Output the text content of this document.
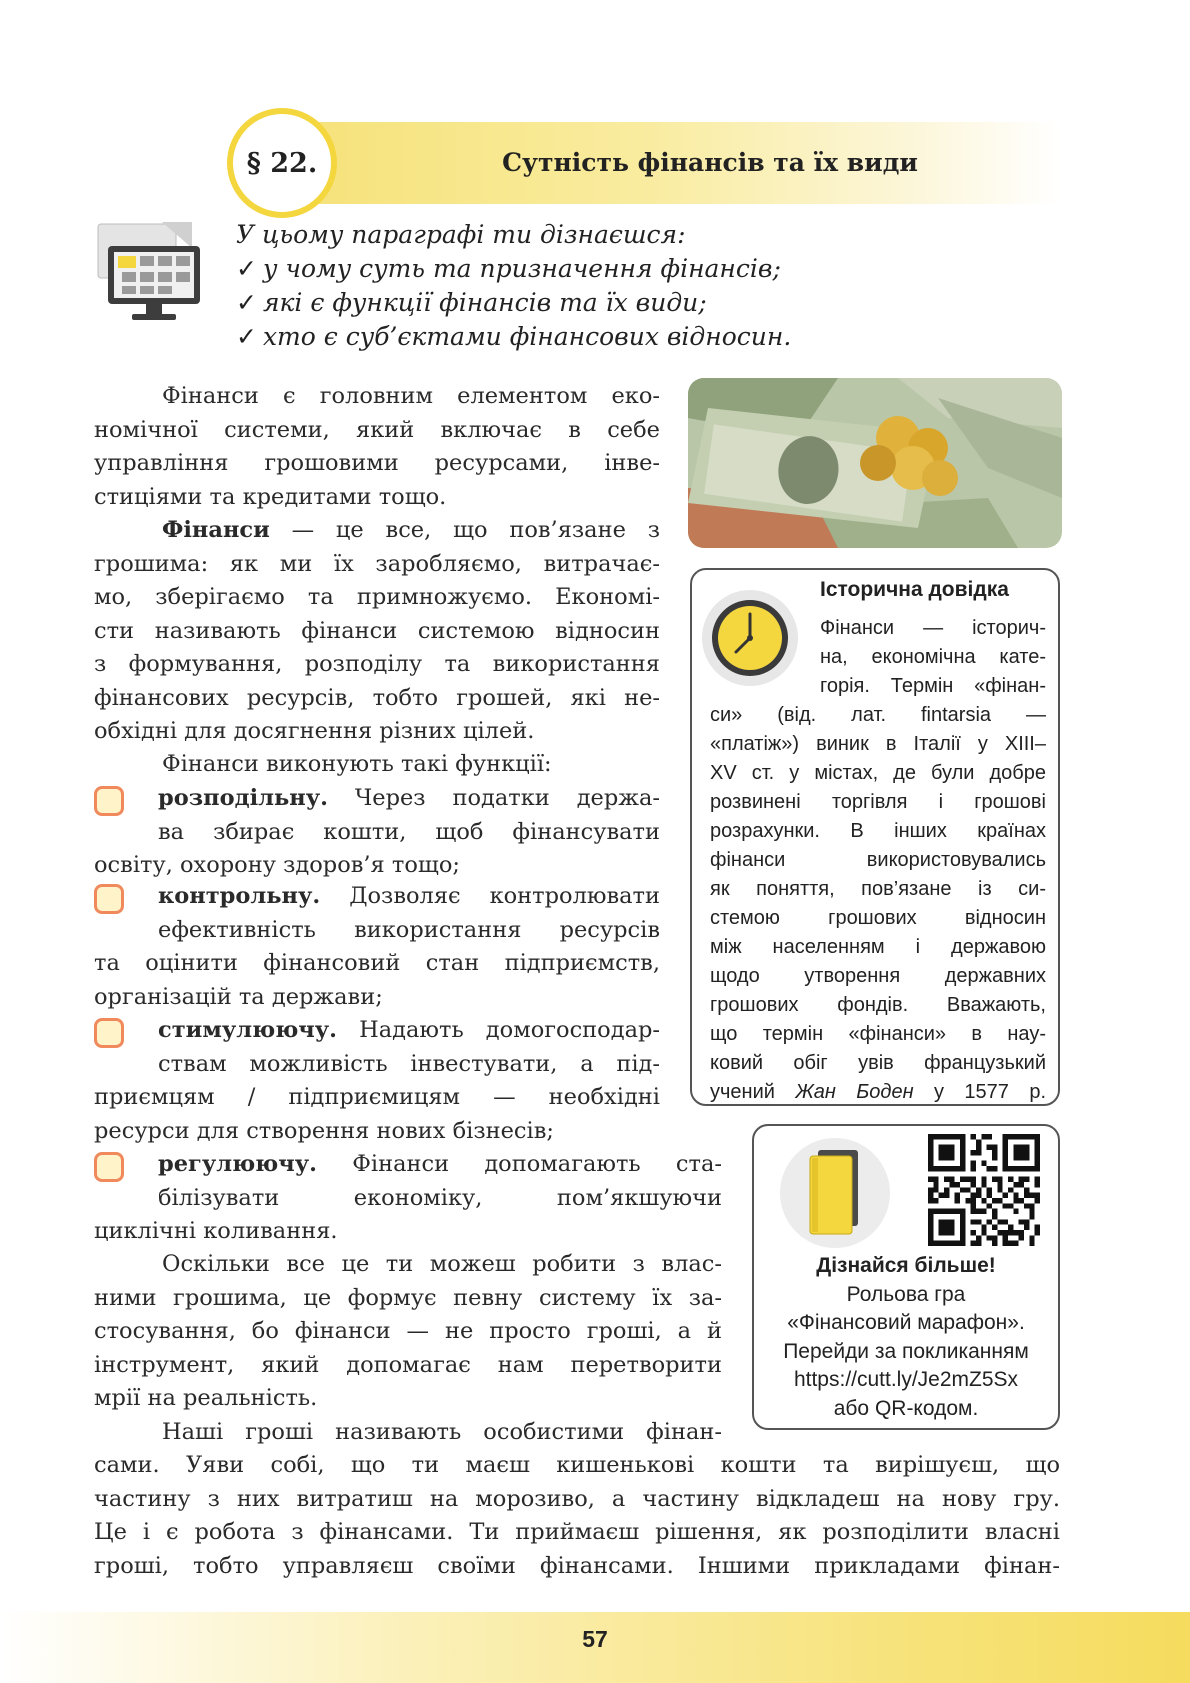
§ 22.	Сутність фінансів та їх види
У цьому параграфі ти дізнаєшся:
✓ у чому суть та призначення фінансів;
✓ які є функції фінансів та їх види;
✓ хто є суб’єктами фінансових відносин.
Фінанси є головним елементом еко-
номічної системи, який включає в себе
управління грошовими ресурсами, інве-
стиціями та кредитами тощо.
Фінанси — це все, що пов’язане з
грошима: як ми їх заробляємо, витрачає-
мо, зберігаємо та примножуємо. Економі-
сти називають фінанси системою відносин
з формування, розподілу та використання
фінансових ресурсів, тобто грошей, які не-
обхідні для досягнення різних цілей.
Фінанси виконують такі функції:
розподільну. Через податки держа-
ва збирає кошти, щоб фінансувати
освіту, охорону здоров’я тощо;
контрольну. Дозволяє контролювати
ефективність використання ресурсів
та оцінити фінансовий стан підприємств,
організацій та держави;
стимулюючу. Надають домогосподар-
ствам можливість інвестувати, а під-
приємцям / підприємицям — необхідні
ресурси для створення нових бізнесів;
регулюючу. Фінанси допомагають ста-
білізувати економіку, пом’якшуючи
циклічні коливання.
Оскільки все це ти можеш робити з влас-
ними грошима, це формує певну систему їх за-
стосування, бо фінанси — не просто гроші, а й
інструмент, який допомагає нам перетворити
мрії на реальність.
Наші гроші називають особистими фінан-
сами. Уяви собі, що ти маєш кишенькові кошти та вирішуєш, що
частину з них витратиш на морозиво, а частину відкладеш на нову гру.
Це і є робота з фінансами. Ти приймаєш рішення, як розподілити власні
гроші, тобто управляєш своїми фінансами. Іншими прикладами фінан-
Історична довідка
Фінанси — історич-
на, економічна кате-
горія. Термін «фінан-
си» (від. лат. fintarsia —
«платіж») виник в Італії у XIII–
XV ст. у містах, де були добре
розвинені торгівля і грошові
розрахунки. В інших країнах
фінанси використовувались
як поняття, пов’язане із си-
стемою грошових відносин
між населенням і державою
щодо утворення державних
грошових фондів. Вважають,
що термін «фінанси» в нау-
ковий обіг увів французький
учений Жан Боден у 1577 р.
Дізнайся більше!
Рольова гра
«Фінансовий марафон».
Перейди за покликанням
https://cutt.ly/Je2mZ5Sx
або QR-кодом.
57
